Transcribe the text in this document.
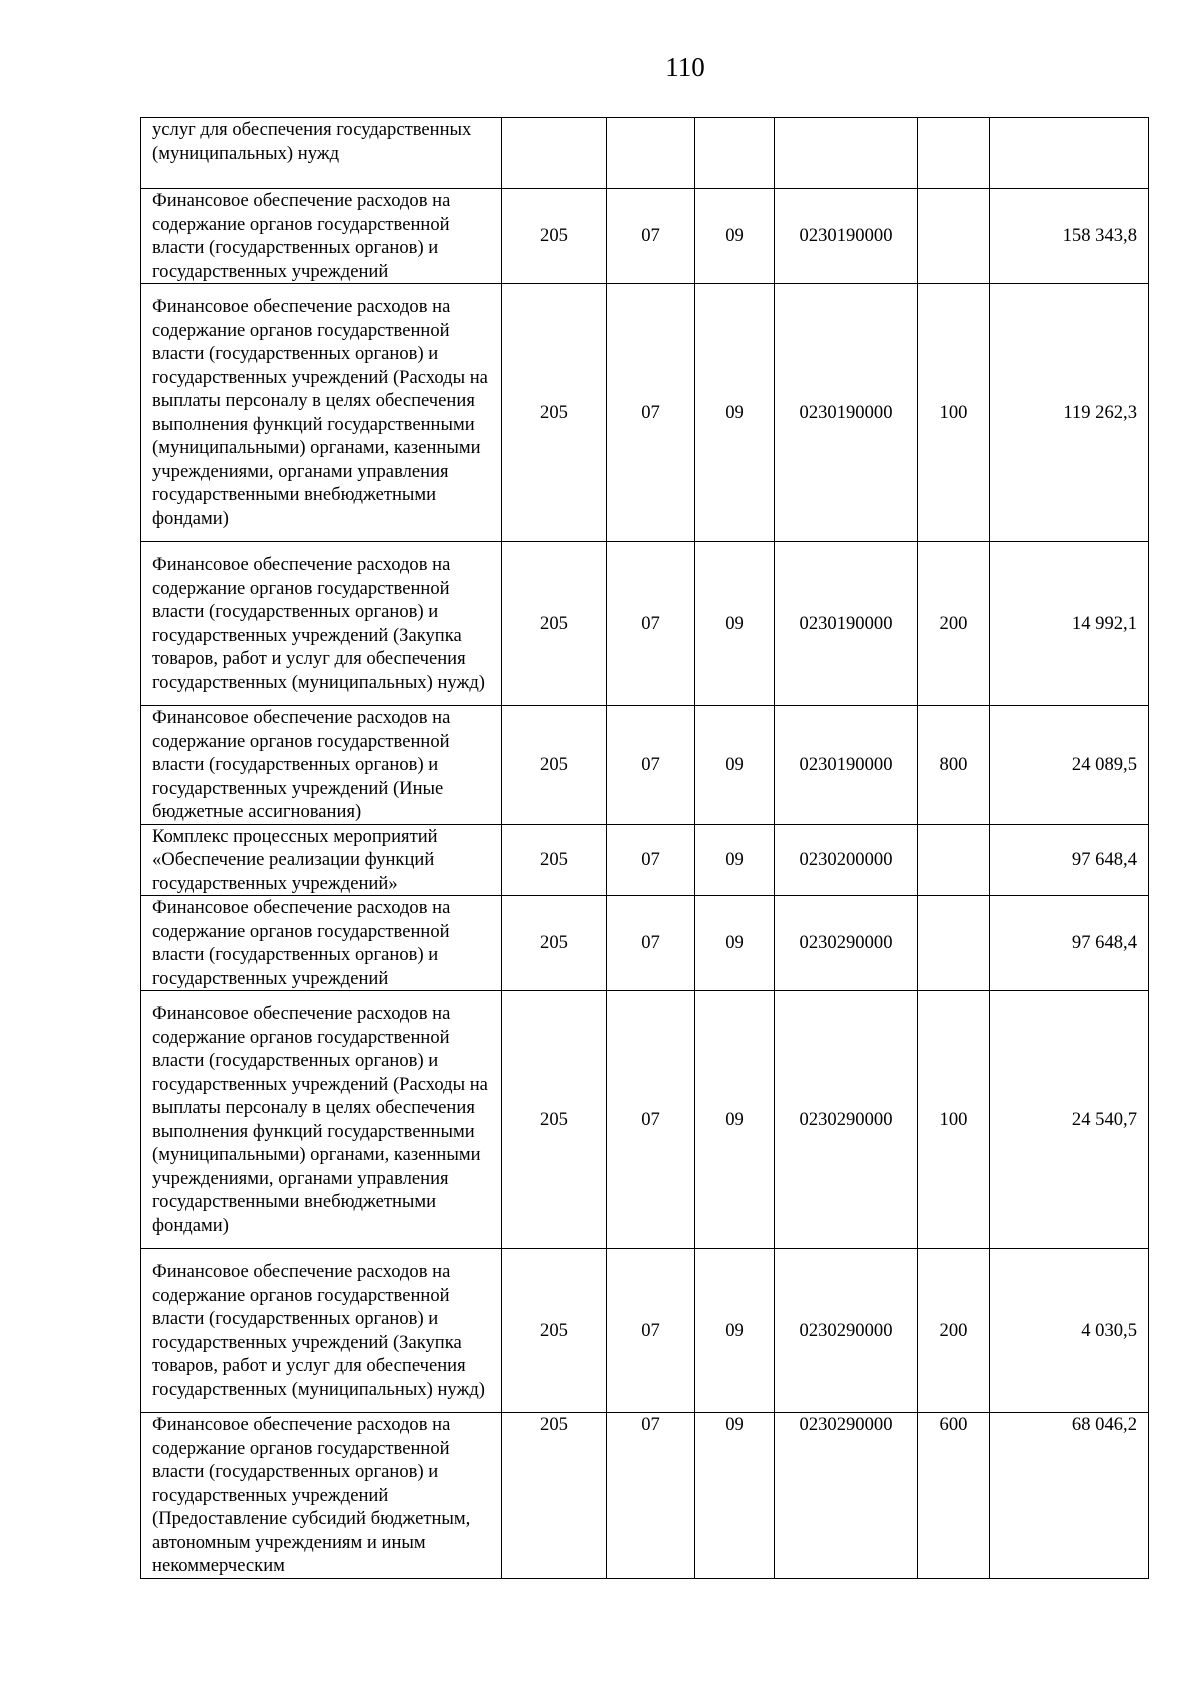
110
услуг для обеспечения государственных (муниципальных) нужд						
Финансовое обеспечение расходов на содержание органов государственной власти (государственных органов) и государственных учреждений	205	07	09	0230190000		158 343,8
Финансовое обеспечение расходов на содержание органов государственной власти (государственных органов) и государственных учреждений (Расходы на выплаты персоналу в целях обеспечения выполнения функций государственными (муниципальными) органами, казенными учреждениями, органами управления государственными внебюджетными фондами)	205	07	09	0230190000	100	119 262,3
Финансовое обеспечение расходов на содержание органов государственной власти (государственных органов) и государственных учреждений (Закупка товаров, работ и услуг для обеспечения государственных (муниципальных) нужд)	205	07	09	0230190000	200	14 992,1
Финансовое обеспечение расходов на содержание органов государственной власти (государственных органов) и государственных учреждений (Иные бюджетные ассигнования)	205	07	09	0230190000	800	24 089,5
Комплекс процессных мероприятий «Обеспечение реализации функций государственных учреждений»	205	07	09	0230200000		97 648,4
Финансовое обеспечение расходов на содержание органов государственной власти (государственных органов) и государственных учреждений	205	07	09	0230290000		97 648,4
Финансовое обеспечение расходов на содержание органов государственной власти (государственных органов) и государственных учреждений (Расходы на выплаты персоналу в целях обеспечения выполнения функций государственными (муниципальными) органами, казенными учреждениями, органами управления государственными внебюджетными фондами)	205	07	09	0230290000	100	24 540,7
Финансовое обеспечение расходов на содержание органов государственной власти (государственных органов) и государственных учреждений (Закупка товаров, работ и услуг для обеспечения государственных (муниципальных) нужд)	205	07	09	0230290000	200	4 030,5
Финансовое обеспечение расходов на содержание органов государственной власти (государственных органов) и государственных учреждений (Предоставление субсидий бюджетным, автономным учреждениям и иным некоммерческим	205	07	09	0230290000	600	68 046,2
